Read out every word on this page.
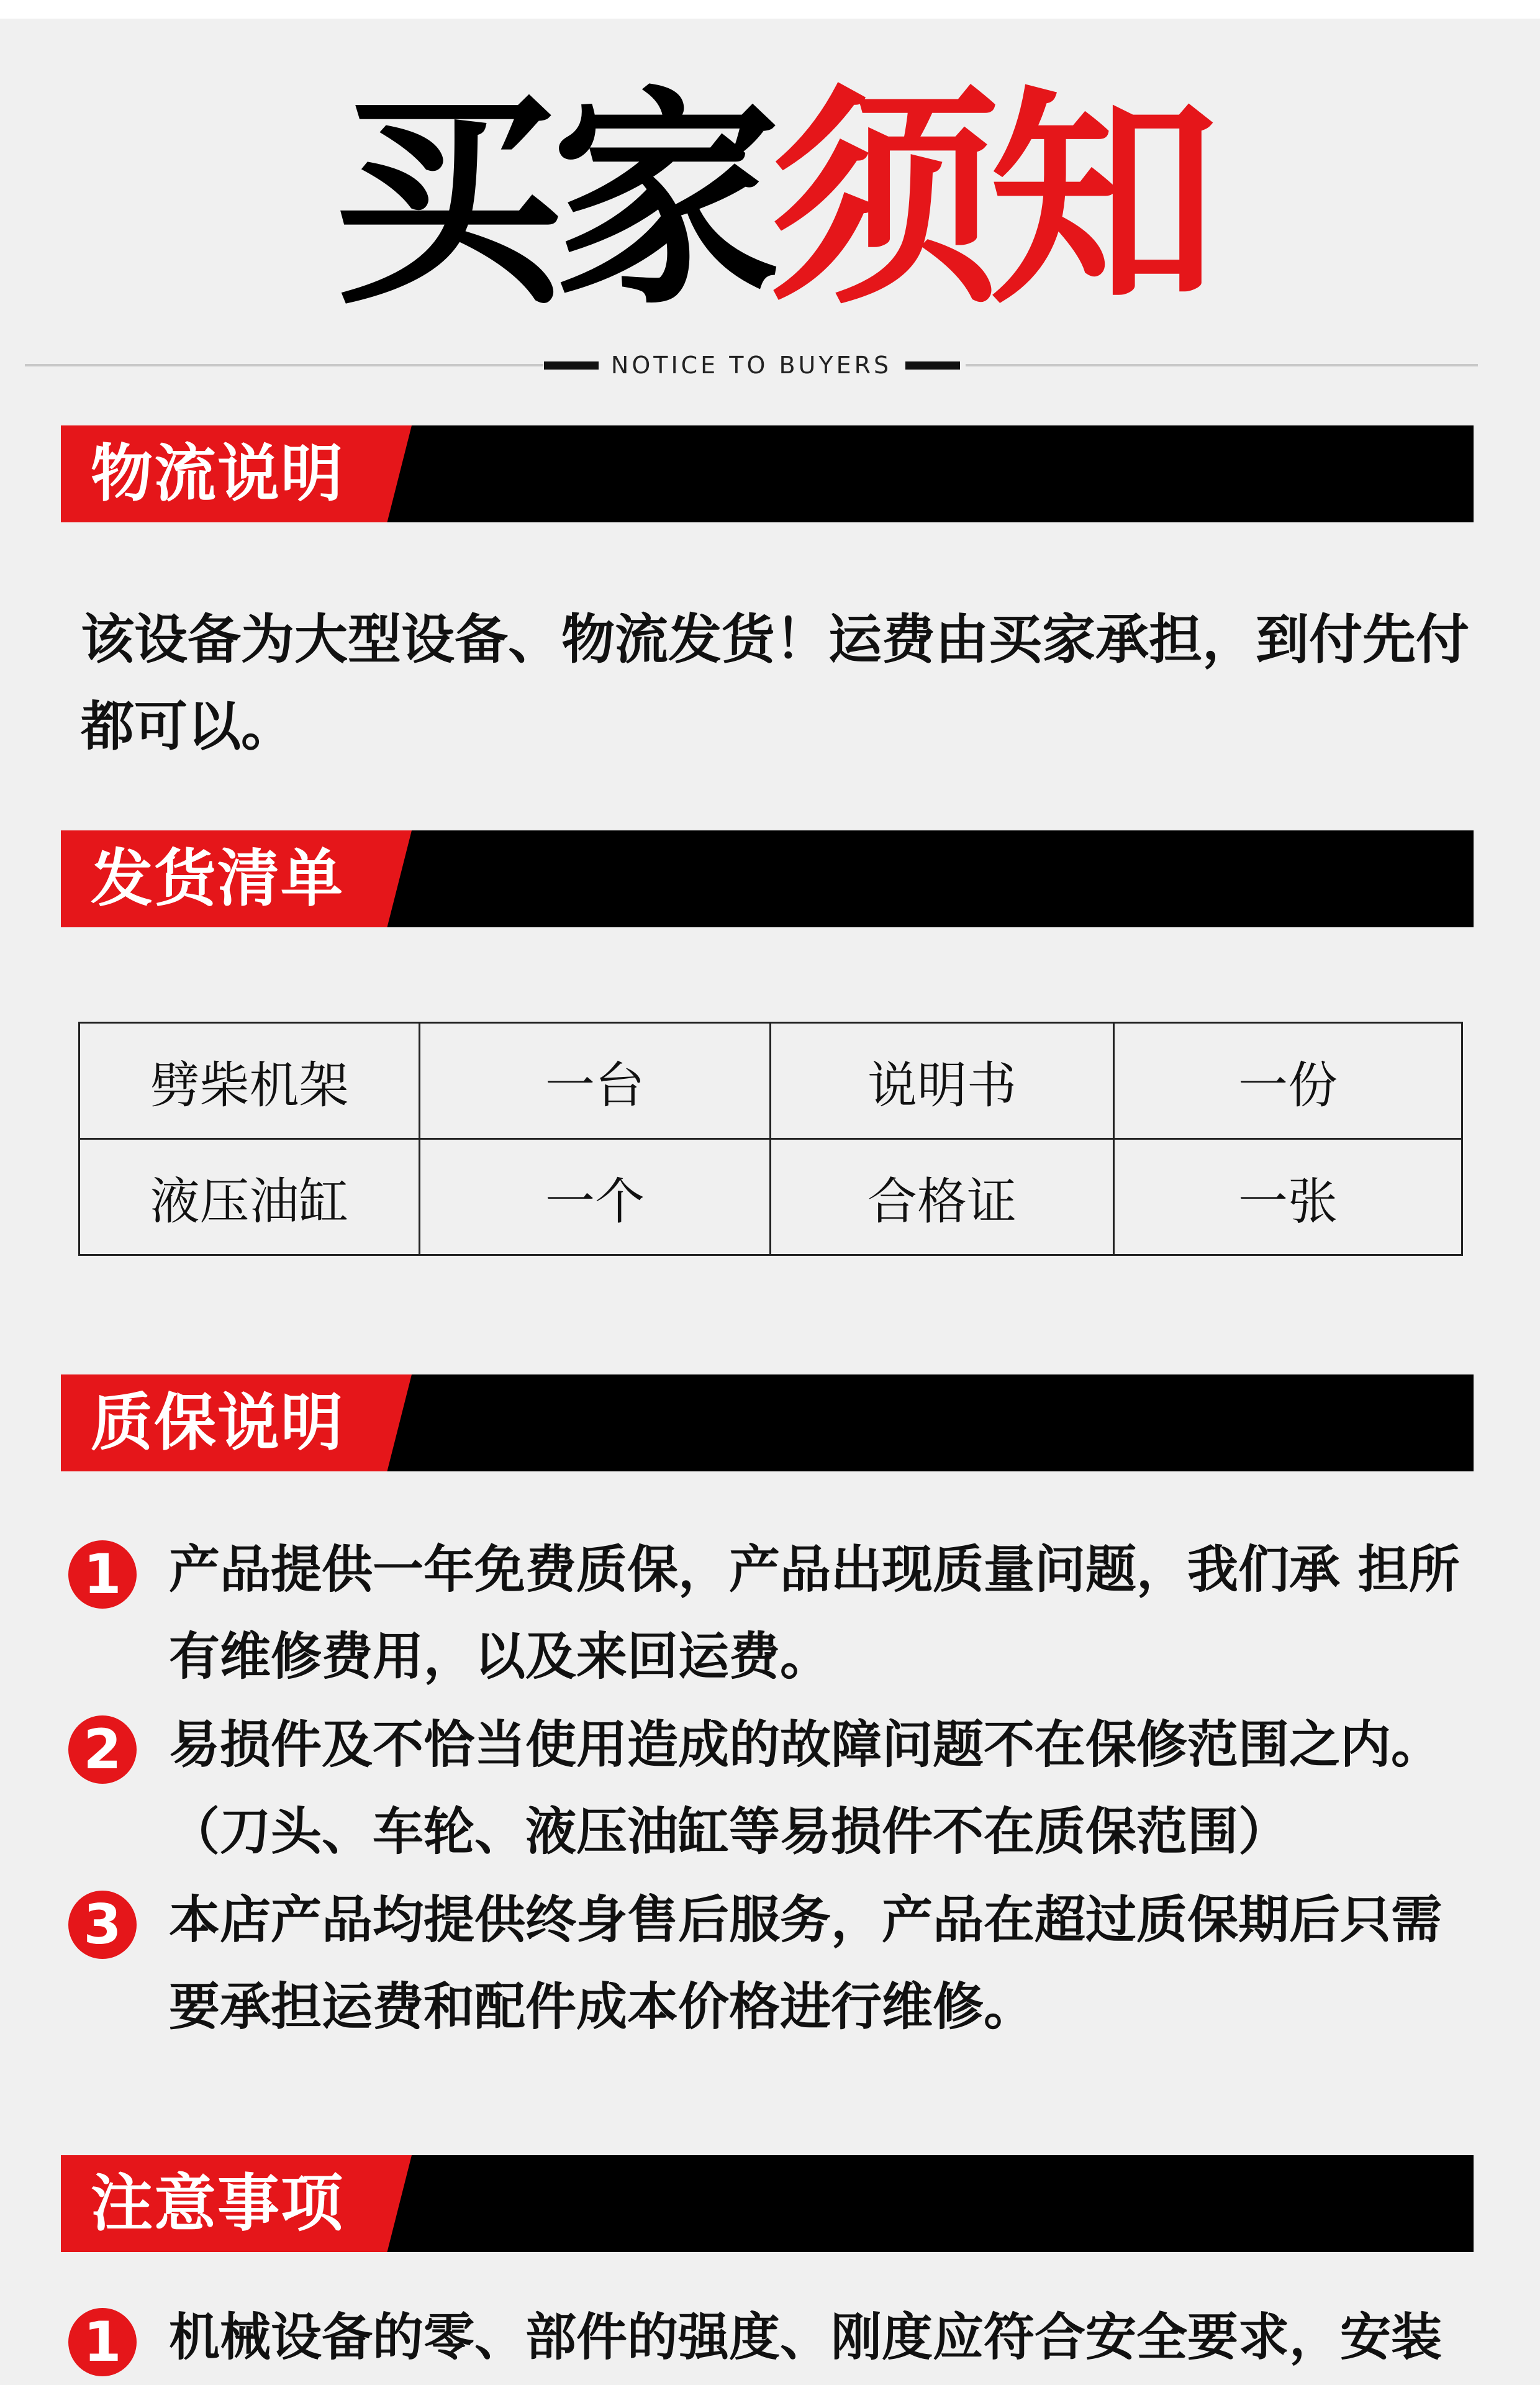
买家须知
NOTICE TO BUYERS
物流说明
该设备为大型设备、物流发货！运费由买家承担，到付先付都可以。
发货清单
劈柴机架	一台	说明书	一份
液压油缸	一个	合格证	一张
质保说明
1 产品提供一年免费质保，产品出现质量问题，我们承 担所有维修费用，以及来回运费。
2 易损件及不恰当使用造成的故障问题不在保修范围之内。（刀头、车轮、液压油缸等易损件不在质保范围）
3 本店产品均提供终身售后服务，产品在超过质保期后只需要承担运费和配件成本价格进行维修。
注意事项
1 机械设备的零、部件的强度、刚度应符合安全要求，安装
